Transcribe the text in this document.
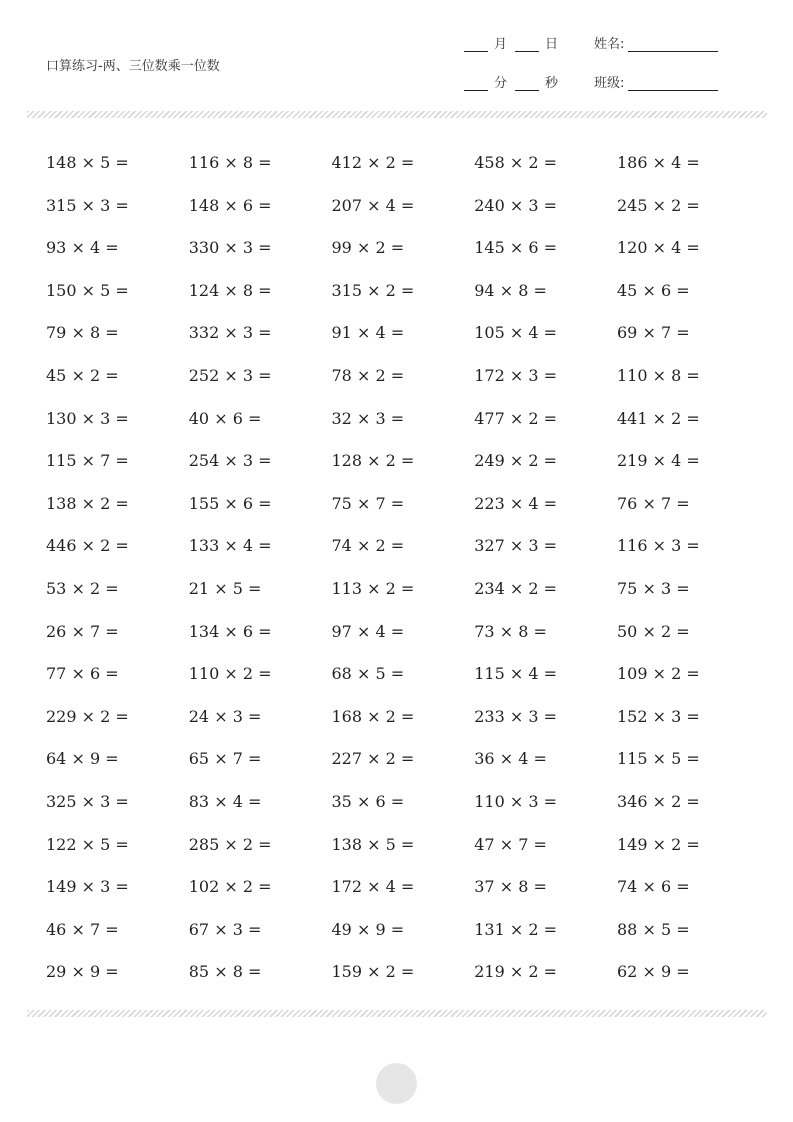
口算练习-两、三位数乘一位数
月	日	姓名:
分	秒	班级:
148 × 5 =	116 × 8 =	412 × 2 =	458 × 2 =	186 × 4 =
315 × 3 =	148 × 6 =	207 × 4 =	240 × 3 =	245 × 2 =
93 × 4 =	330 × 3 =	99 × 2 =	145 × 6 =	120 × 4 =
150 × 5 =	124 × 8 =	315 × 2 =	94 × 8 =	45 × 6 =
79 × 8 =	332 × 3 =	91 × 4 =	105 × 4 =	69 × 7 =
45 × 2 =	252 × 3 =	78 × 2 =	172 × 3 =	110 × 8 =
130 × 3 =	40 × 6 =	32 × 3 =	477 × 2 =	441 × 2 =
115 × 7 =	254 × 3 =	128 × 2 =	249 × 2 =	219 × 4 =
138 × 2 =	155 × 6 =	75 × 7 =	223 × 4 =	76 × 7 =
446 × 2 =	133 × 4 =	74 × 2 =	327 × 3 =	116 × 3 =
53 × 2 =	21 × 5 =	113 × 2 =	234 × 2 =	75 × 3 =
26 × 7 =	134 × 6 =	97 × 4 =	73 × 8 =	50 × 2 =
77 × 6 =	110 × 2 =	68 × 5 =	115 × 4 =	109 × 2 =
229 × 2 =	24 × 3 =	168 × 2 =	233 × 3 =	152 × 3 =
64 × 9 =	65 × 7 =	227 × 2 =	36 × 4 =	115 × 5 =
325 × 3 =	83 × 4 =	35 × 6 =	110 × 3 =	346 × 2 =
122 × 5 =	285 × 2 =	138 × 5 =	47 × 7 =	149 × 2 =
149 × 3 =	102 × 2 =	172 × 4 =	37 × 8 =	74 × 6 =
46 × 7 =	67 × 3 =	49 × 9 =	131 × 2 =	88 × 5 =
29 × 9 =	85 × 8 =	159 × 2 =	219 × 2 =	62 × 9 =
